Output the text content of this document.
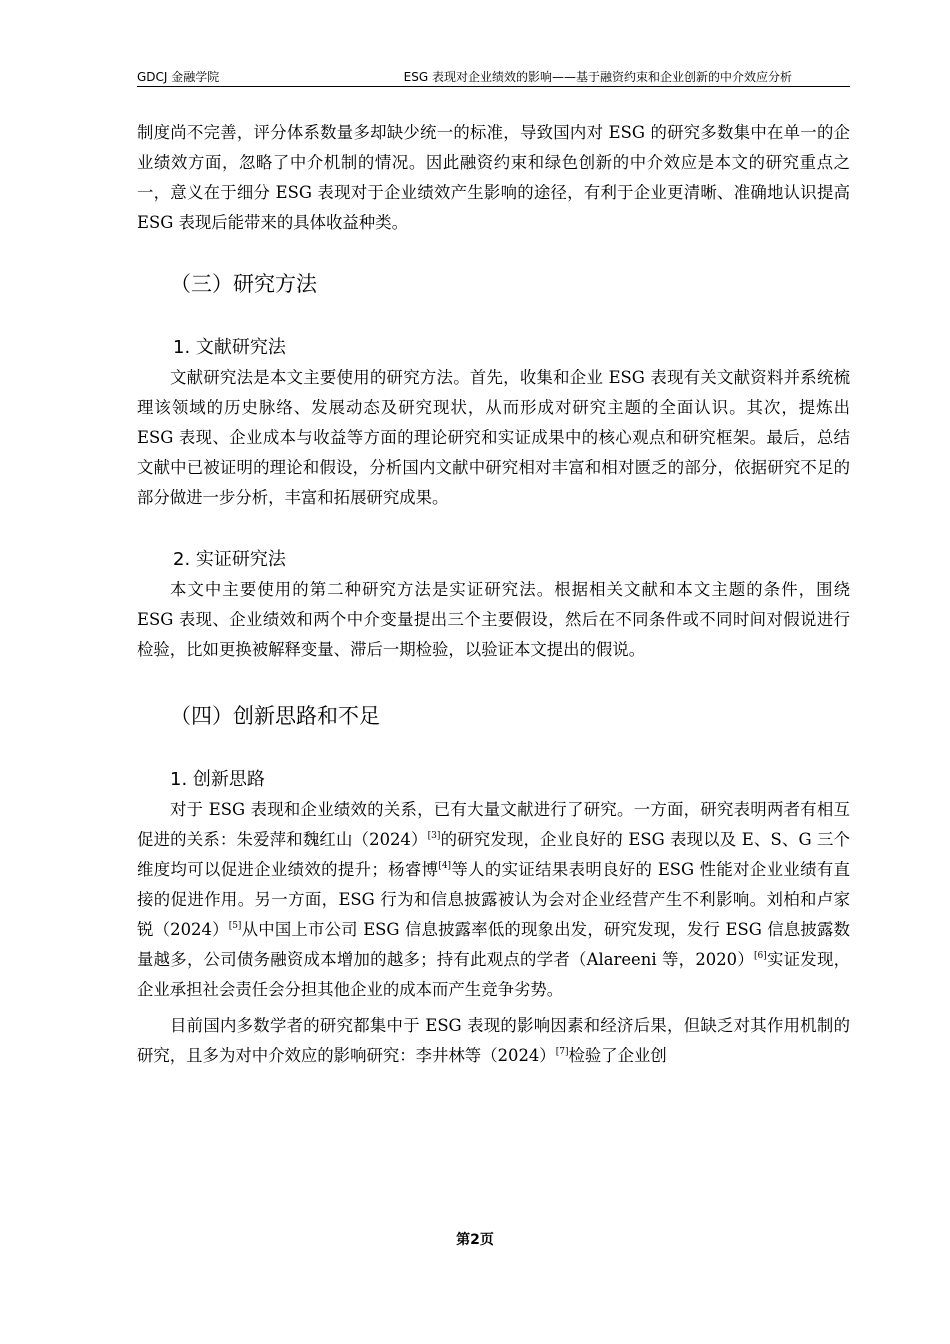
GDCJ 金融学院	ESG 表现对企业绩效的影响——基于融资约束和企业创新的中介效应分析

制度尚不完善，评分体系数量多却缺少统一的标准，导致国内对 ESG 的研究多数集中在单一的企业绩效方面，忽略了中介机制的情况。因此融资约束和绿色创新的中介效应是本文的研究重点之一，意义在于细分 ESG 表现对于企业绩效产生影响的途径，有利于企业更清晰、准确地认识提高 ESG 表现后能带来的具体收益种类。

（三）研究方法
1. 文献研究法

文献研究法是本文主要使用的研究方法。首先，收集和企业 ESG 表现有关文献资料并系统梳理该领域的历史脉络、发展动态及研究现状，从而形成对研究主题的全面认识。其次，提炼出 ESG 表现、企业成本与收益等方面的理论研究和实证成果中的核心观点和研究框架。最后，总结文献中已被证明的理论和假设，分析国内文献中研究相对丰富和相对匮乏的部分，依据研究不足的部分做进一步分析，丰富和拓展研究成果。

2. 实证研究法

本文中主要使用的第二种研究方法是实证研究法。根据相关文献和本文主题的条件，围绕 ESG 表现、企业绩效和两个中介变量提出三个主要假设，然后在不同条件或不同时间对假说进行检验，比如更换被解释变量、滞后一期检验，以验证本文提出的假说。

（四）创新思路和不足
1. 创新思路

对于 ESG 表现和企业绩效的关系，已有大量文献进行了研究。一方面，研究表明两者有相互促进的关系：朱爱萍和魏红山（2024）[3]的研究发现，企业良好的 ESG 表现以及 E、S、G 三个维度均可以促进企业绩效的提升；杨睿博[4]等人的实证结果表明良好的 ESG 性能对企业业绩有直接的促进作用。另一方面，ESG 行为和信息披露被认为会对企业经营产生不利影响。刘柏和卢家锐（2024）[5]从中国上市公司 ESG 信息披露率低的现象出发，研究发现，发行 ESG 信息披露数量越多，公司债务融资成本增加的越多；持有此观点的学者（Alareeni 等，2020）[6]实证发现，企业承担社会责任会分担其他企业的成本而产生竞争劣势。

目前国内多数学者的研究都集中于 ESG 表现的影响因素和经济后果，但缺乏对其作用机制的研究，且多为对中介效应的影响研究：李井林等（2024）[7]检验了企业创

第2页
